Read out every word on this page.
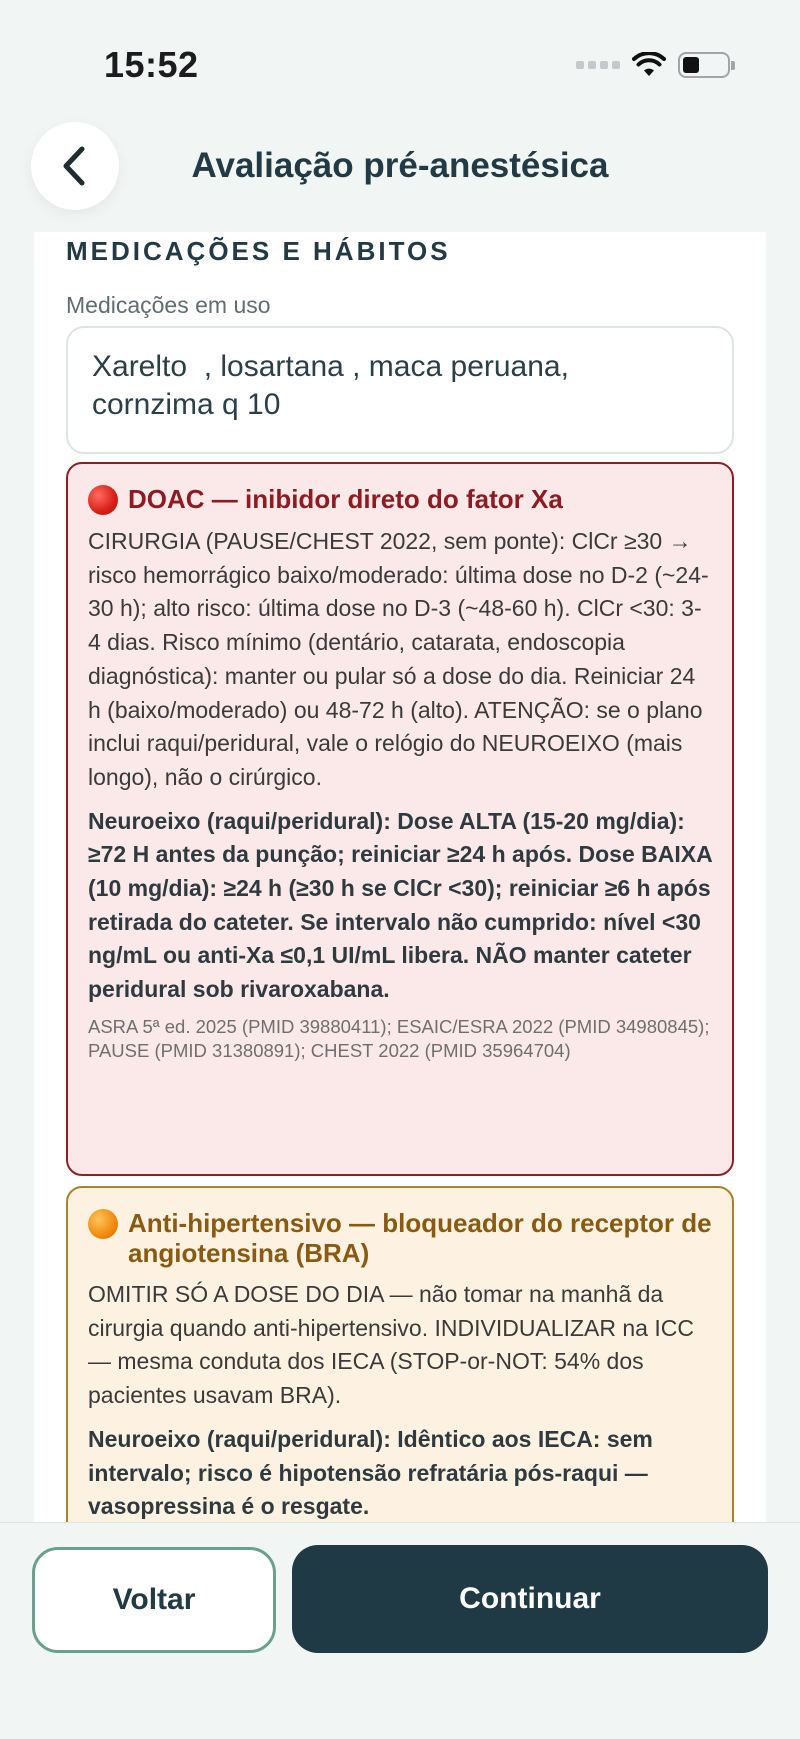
15:52
Avaliação pré-anestésica
MEDICAÇÕES E HÁBITOS
Medicações em uso
Xarelto  , losartana , maca peruana,
cornzima q 10
DOAC — inibidor direto do fator Xa
CIRURGIA (PAUSE/CHEST 2022, sem ponte): ClCr ≥30 → risco hemorrágico baixo/moderado: última dose no D-2 (~24-30 h); alto risco: última dose no D-3 (~48-60 h). ClCr <30: 3-4 dias. Risco mínimo (dentário, catarata, endoscopia diagnóstica): manter ou pular só a dose do dia. Reiniciar 24 h (baixo/moderado) ou 48-72 h (alto). ATENÇÃO: se o plano inclui raqui/peridural, vale o relógio do NEUROEIXO (mais longo), não o cirúrgico.
Neuroeixo (raqui/peridural): Dose ALTA (15-20 mg/dia): ≥72 H antes da punção; reiniciar ≥24 h após. Dose BAIXA (10 mg/dia): ≥24 h (≥30 h se ClCr <30); reiniciar ≥6 h após retirada do cateter. Se intervalo não cumprido: nível <30 ng/mL ou anti-Xa ≤0,1 UI/mL libera. NÃO manter cateter peridural sob rivaroxabana.
ASRA 5ª ed. 2025 (PMID 39880411); ESAIC/ESRA 2022 (PMID 34980845); PAUSE (PMID 31380891); CHEST 2022 (PMID 35964704)
Anti-hipertensivo — bloqueador do receptor de angiotensina (BRA)
OMITIR SÓ A DOSE DO DIA — não tomar na manhã da cirurgia quando anti-hipertensivo. INDIVIDUALIZAR na ICC — mesma conduta dos IECA (STOP-or-NOT: 54% dos pacientes usavam BRA).
Neuroeixo (raqui/peridural): Idêntico aos IECA: sem intervalo; risco é hipotensão refratária pós-raqui — vasopressina é o resgate.
Voltar	Continuar
